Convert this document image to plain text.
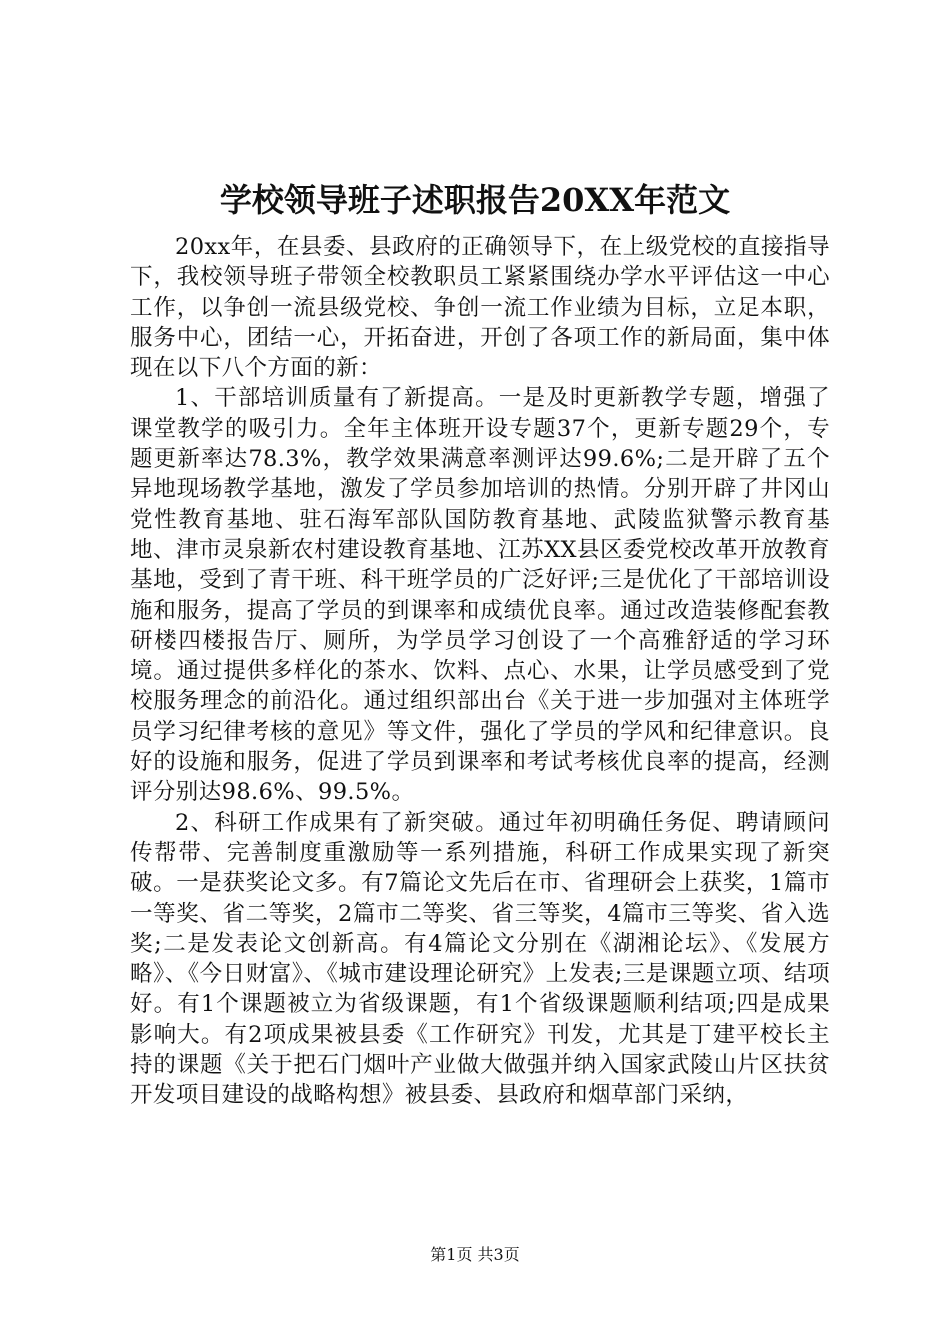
学校领导班子述职报告20XX年范文

20xx年，在县委、县政府的正确领导下，在上级党校的直接指导下，我校领导班子带领全校教职员工紧紧围绕办学水平评估这一中心工作，以争创一流县级党校、争创一流工作业绩为目标，立足本职，服务中心，团结一心，开拓奋进，开创了各项工作的新局面，集中体现在以下八个方面的新：

1、干部培训质量有了新提高。一是及时更新教学专题，增强了课堂教学的吸引力。全年主体班开设专题37个，更新专题29个，专题更新率达78.3%，教学效果满意率测评达99.6%;二是开辟了五个异地现场教学基地，激发了学员参加培训的热情。分别开辟了井冈山党性教育基地、驻石海军部队国防教育基地、武陵监狱警示教育基地、津市灵泉新农村建设教育基地、江苏XX县区委党校改革开放教育基地，受到了青干班、科干班学员的广泛好评;三是优化了干部培训设施和服务，提高了学员的到课率和成绩优良率。通过改造装修配套教研楼四楼报告厅、厕所，为学员学习创设了一个高雅舒适的学习环境。通过提供多样化的茶水、饮料、点心、水果，让学员感受到了党校服务理念的前沿化。通过组织部出台《关于进一步加强对主体班学员学习纪律考核的意见》等文件，强化了学员的学风和纪律意识。良好的设施和服务，促进了学员到课率和考试考核优良率的提高，经测评分别达98.6%、99.5%。

2、科研工作成果有了新突破。通过年初明确任务促、聘请顾问传帮带、完善制度重激励等一系列措施，科研工作成果实现了新突破。一是获奖论文多。有7篇论文先后在市、省理研会上获奖，1篇市一等奖、省二等奖，2篇市二等奖、省三等奖，4篇市三等奖、省入选奖;二是发表论文创新高。有4篇论文分别在《湖湘论坛》、《发展方略》、《今日财富》、《城市建设理论研究》上发表;三是课题立项、结项好。有1个课题被立为省级课题，有1个省级课题顺利结项;四是成果影响大。有2项成果被县委《工作研究》刊发，尤其是丁建平校长主持的课题《关于把石门烟叶产业做大做强并纳入国家武陵山片区扶贫开发项目建设的战略构想》被县委、县政府和烟草部门采纳，

第1页 共3页
